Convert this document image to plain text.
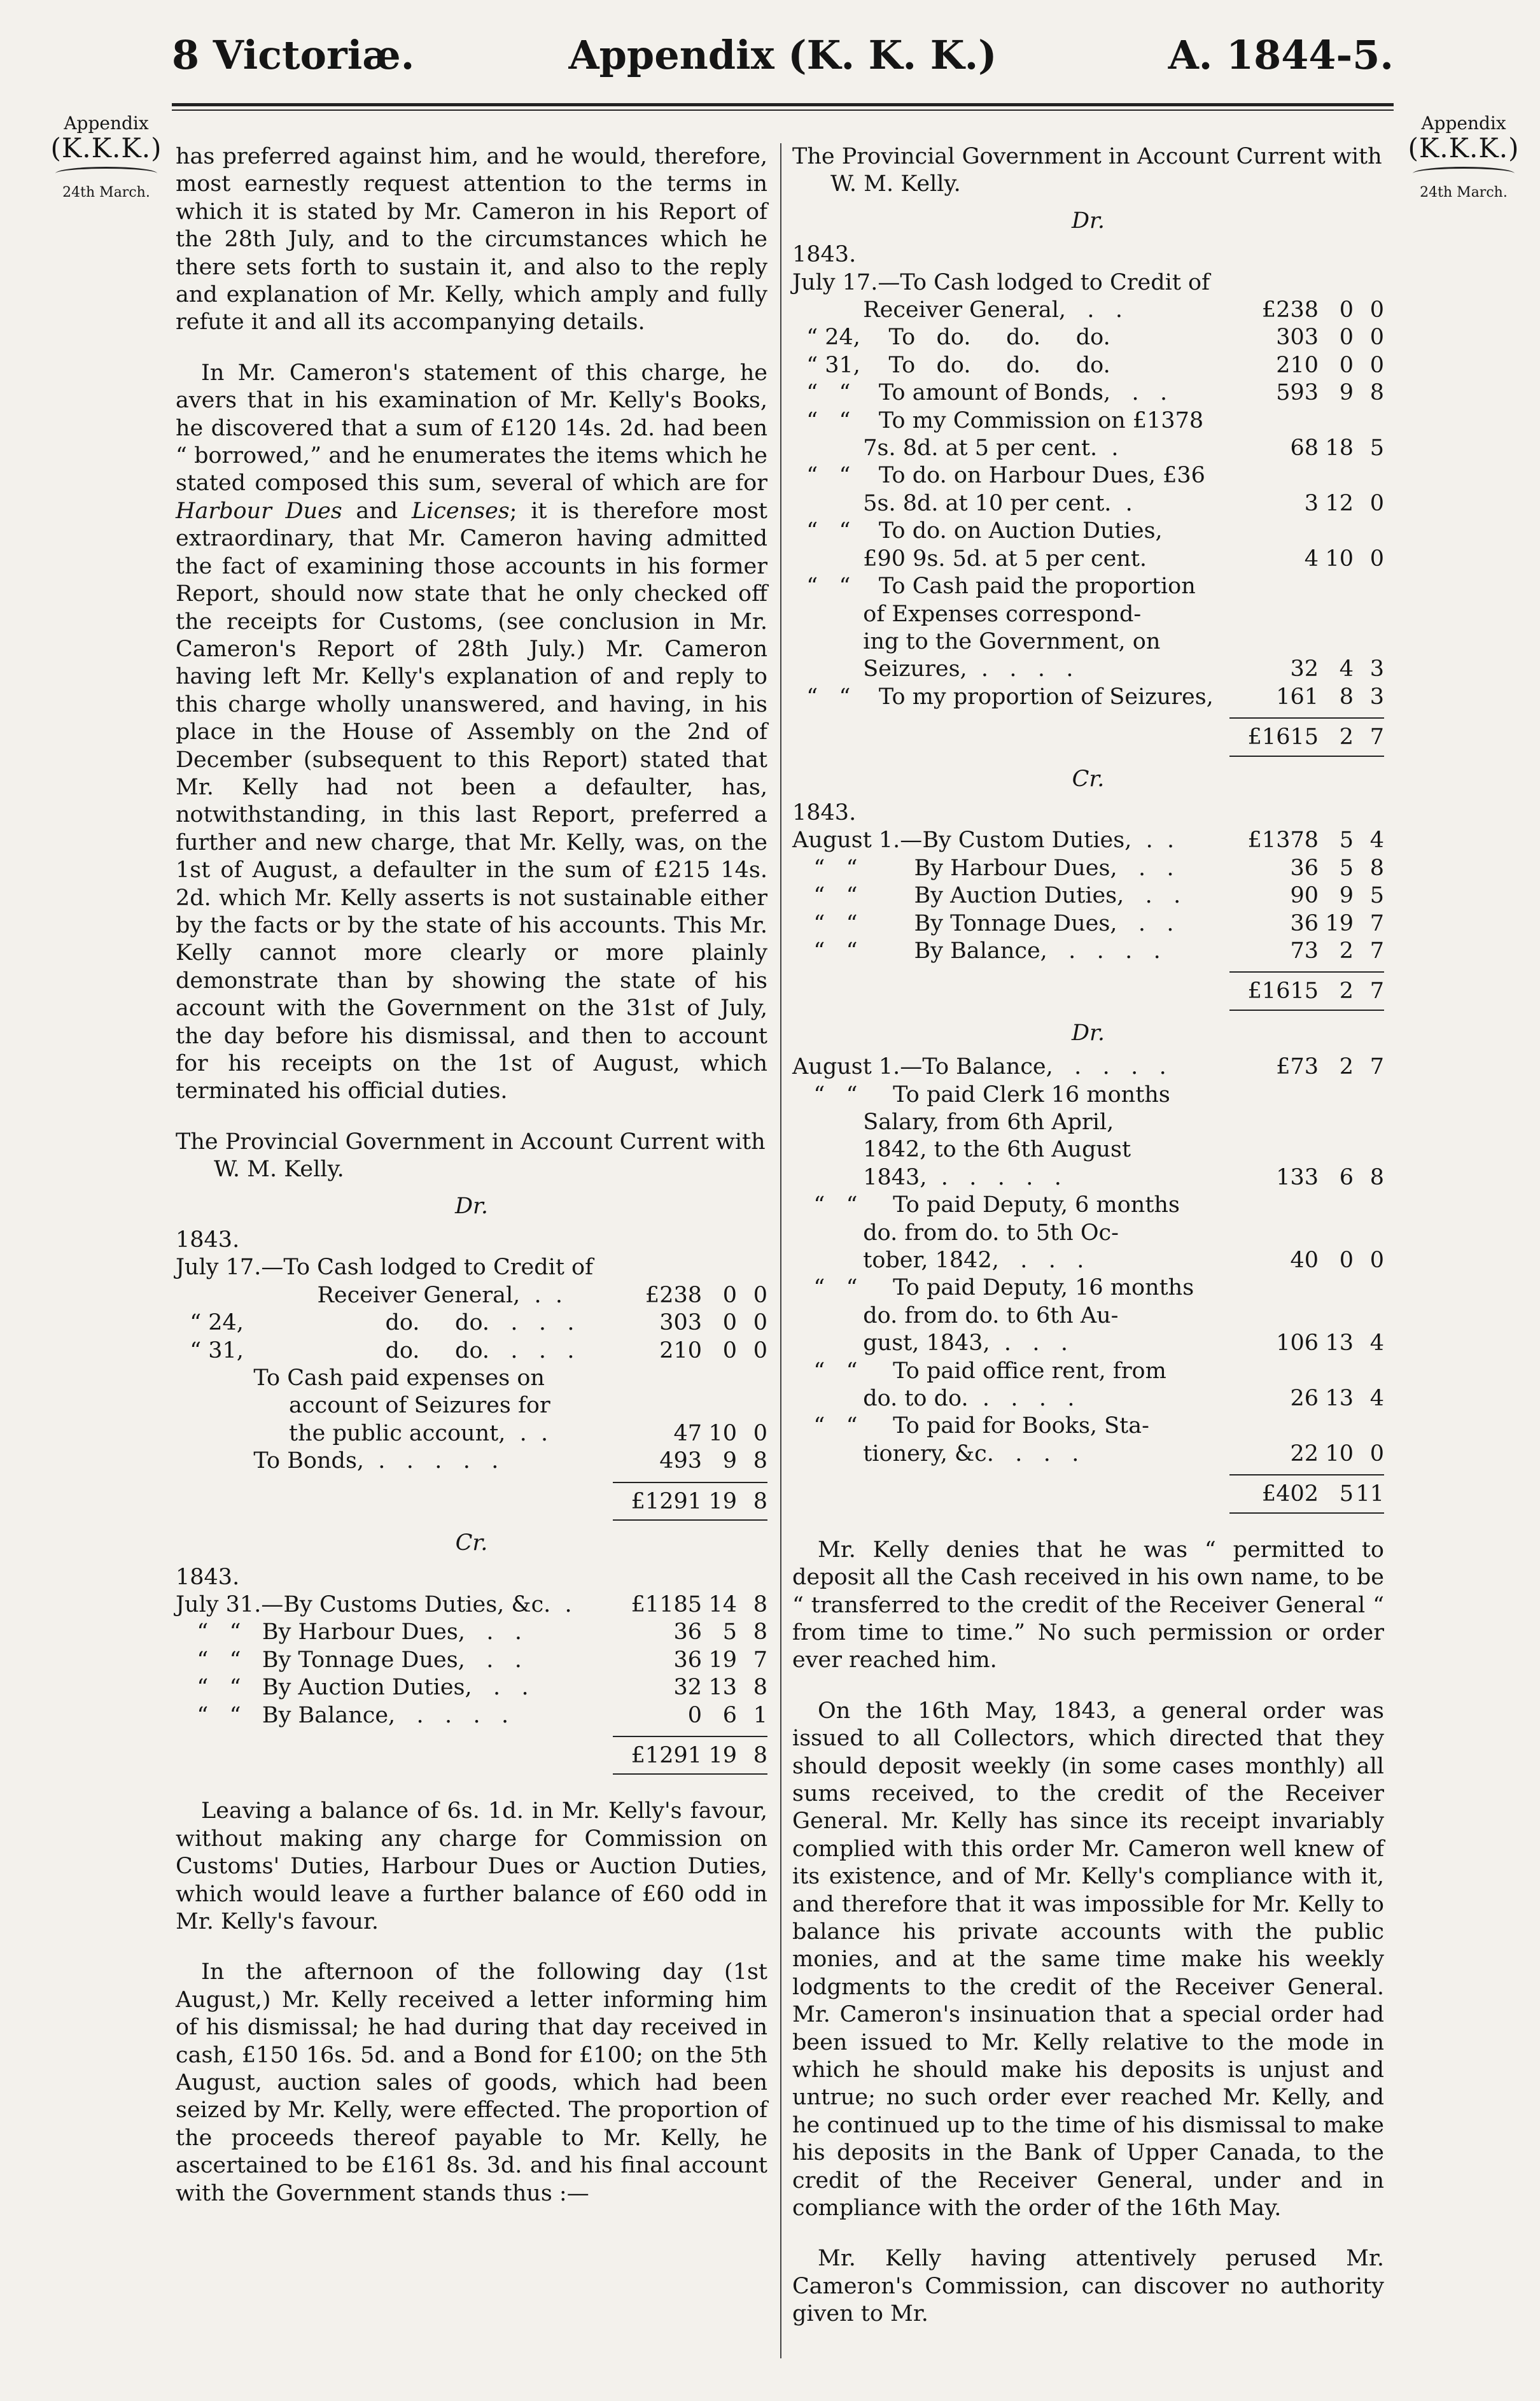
8 Victoriæ.	Appendix (K. K. K.)	A. 1844-5.
Appendix
(K.K.K.)
24th March.
Appendix
(K.K.K.)
24th March.

has preferred against him, and he would, therefore, most earnestly request attention to the terms in which it is stated by Mr. Cameron in his Report of the 28th July, and to the circumstances which he there sets forth to sustain it, and also to the reply and explanation of Mr. Kelly, which amply and fully refute it and all its accompanying details.

In Mr. Cameron's statement of this charge, he avers that in his examination of Mr. Kelly's Books, he discovered that a sum of £120 14s. 2d. had been “ borrowed,” and he enumerates the items which he stated composed this sum, several of which are for Harbour Dues and Licenses; it is therefore most extraordinary, that Mr. Cameron having admitted the fact of examining those accounts in his former Report, should now state that he only checked off the receipts for Customs, (see conclusion in Mr. Cameron's Report of 28th July.) Mr. Cameron having left Mr. Kelly's explanation of and reply to this charge wholly unanswered, and having, in his place in the House of Assembly on the 2nd of December (subsequent to this Report) stated that Mr. Kelly had not been a defaulter, has, notwithstanding, in this last Report, preferred a further and new charge, that Mr. Kelly, was, on the 1st of August, a defaulter in the sum of £215 14s. 2d. which Mr. Kelly asserts is not sustainable either by the facts or by the state of his accounts. This Mr. Kelly cannot more clearly or more plainly demonstrate than by showing the state of his account with the Government on the 31st of July, the day before his dismissal, and then to account for his receipts on the 1st of August, which terminated his official duties.

The Provincial Government in Account Current with
W. M. Kelly.

Dr.
1843.
July 17.— To Cash lodged to Credit of
Receiver General,  .  .	£238 0 0
“ 24, do.     do.   .   .   .	303 0 0
“ 31, do.     do.   .   .   .	210 0 0
To Cash paid expenses on
account of Seizures for
the public account,  .  .	47 10 0
To Bonds,  .   .   .   .   .	493 9 8
£1291 19 8
Cr.
1843.
July 31.— By Customs Duties, &c.  .	£1185 14 8
“   “ By Harbour Dues,   .   .	36 5 8
“   “ By Tonnage Dues,   .   .	36 19 7
“   “ By Auction Duties,   .   .	32 13 8
“   “ By Balance,   .   .   .   .	0 6 1
£1291 19 8

Leaving a balance of 6s. 1d. in Mr. Kelly's favour, without making any charge for Commission on Customs' Duties, Harbour Dues or Auction Duties, which would leave a further balance of £60 odd in Mr. Kelly's favour.

In the afternoon of the following day (1st August,) Mr. Kelly received a letter informing him of his dismissal; he had during that day received in cash, £150 16s. 5d. and a Bond for £100; on the 5th August, auction sales of goods, which had been seized by Mr. Kelly, were effected. The proportion of the proceeds thereof payable to Mr. Kelly, he ascertained to be £161 8s. 3d. and his final account with the Government stands thus :—

The Provincial Government in Account Current with
W. M. Kelly.

Dr.
1843.
July 17.— To Cash lodged to Credit of
Receiver General,   .   .	£238 0 0
“ 24, To   do.     do.     do.	303 0 0
“ 31, To   do.     do.     do.	210 0 0
“   “ To amount of Bonds,   .   .	593 9 8
“   “ To my Commission on £1378
7s. 8d. at 5 per cent.  .	68 18 5
“   “ To do. on Harbour Dues, £36
5s. 8d. at 10 per cent.  .	3 12 0
“   “ To do. on Auction Duties,
£90 9s. 5d. at 5 per cent.	4 10 0
“   “ To Cash paid the proportion
of Expenses correspond-
ing to the Government, on
Seizures,  .   .   .   .	32 4 3
“   “ To my proportion of Seizures,	161 8 3
£1615 2 7
Cr.
1843.
August 1.— By Custom Duties,  .  .	£1378 5 4
“   “ By Harbour Dues,   .   .	36 5 8
“   “ By Auction Duties,   .   .	90 9 5
“   “ By Tonnage Dues,   .   .	36 19 7
“   “ By Balance,   .   .   .   .	73 2 7
£1615 2 7
Dr.
August 1.— To Balance,   .   .   .   .	£73 2 7
“   “ To paid Clerk 16 months
Salary, from 6th April,
1842, to the 6th August
1843,  .   .   .   .   .	133 6 8
“   “ To paid Deputy, 6 months
do. from do. to 5th Oc-
tober, 1842,   .   .   .	40 0 0
“   “ To paid Deputy, 16 months
do. from do. to 6th Au-
gust, 1843,  .   .   .	106 13 4
“   “ To paid office rent, from
do. to do.  .   .   .   .	26 13 4
“   “ To paid for Books, Sta-
tionery, &c.   .   .   .	22 10 0
£402 5 11

Mr. Kelly denies that he was “ permitted to deposit all the Cash received in his own name, to be “ transferred to the credit of the Receiver General “ from time to time.” No such permission or order ever reached him.

On the 16th May, 1843, a general order was issued to all Collectors, which directed that they should deposit weekly (in some cases monthly) all sums received, to the credit of the Receiver General. Mr. Kelly has since its receipt invariably complied with this order Mr. Cameron well knew of its existence, and of Mr. Kelly's compliance with it, and therefore that it was impossible for Mr. Kelly to balance his private accounts with the public monies, and at the same time make his weekly lodgments to the credit of the Receiver General. Mr. Cameron's insinuation that a special order had been issued to Mr. Kelly relative to the mode in which he should make his deposits is unjust and untrue; no such order ever reached Mr. Kelly, and he continued up to the time of his dismissal to make his deposits in the Bank of Upper Canada, to the credit of the Receiver General, under and in compliance with the order of the 16th May.

Mr. Kelly having attentively perused Mr. Cameron's Commission, can discover no authority given to Mr.
